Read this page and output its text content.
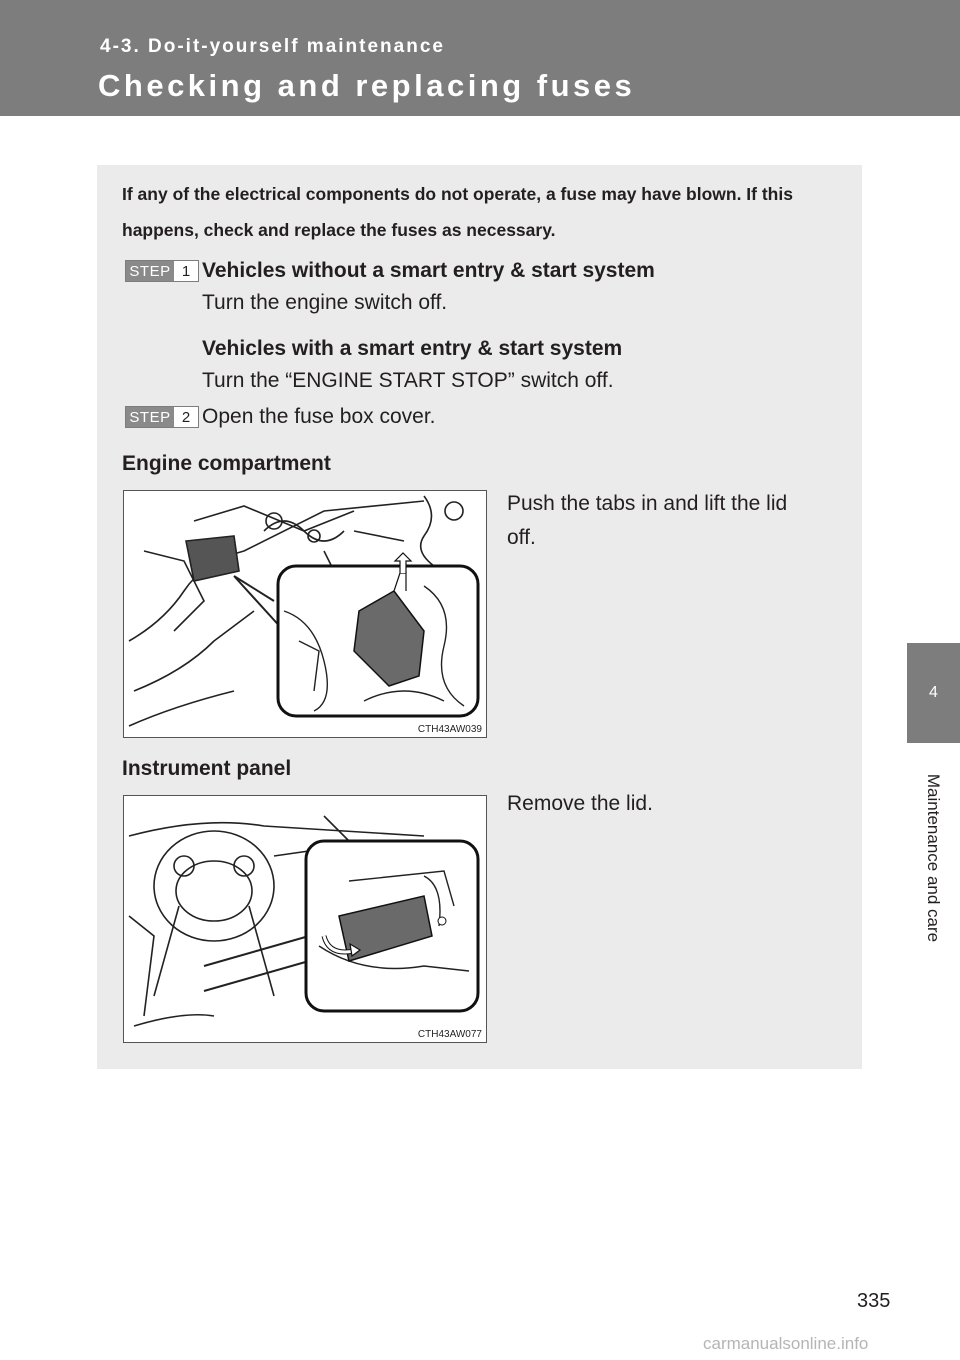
4-3. Do-it-yourself maintenance
Checking and replacing fuses
4
Maintenance and care
If any of the electrical components do not operate, a fuse may have blown. If this happens, check and replace the fuses as necessary.
STEP 1 Vehicles without a smart entry & start system
Turn the engine switch off.
Vehicles with a smart entry & start system
Turn the “ENGINE START STOP” switch off.
STEP 2 Open the fuse box cover.
Engine compartment
CTH43AW039
Push the tabs in and lift the lid
off.
Instrument panel
CTH43AW077
Remove the lid.
335
carmanualsonline.info
